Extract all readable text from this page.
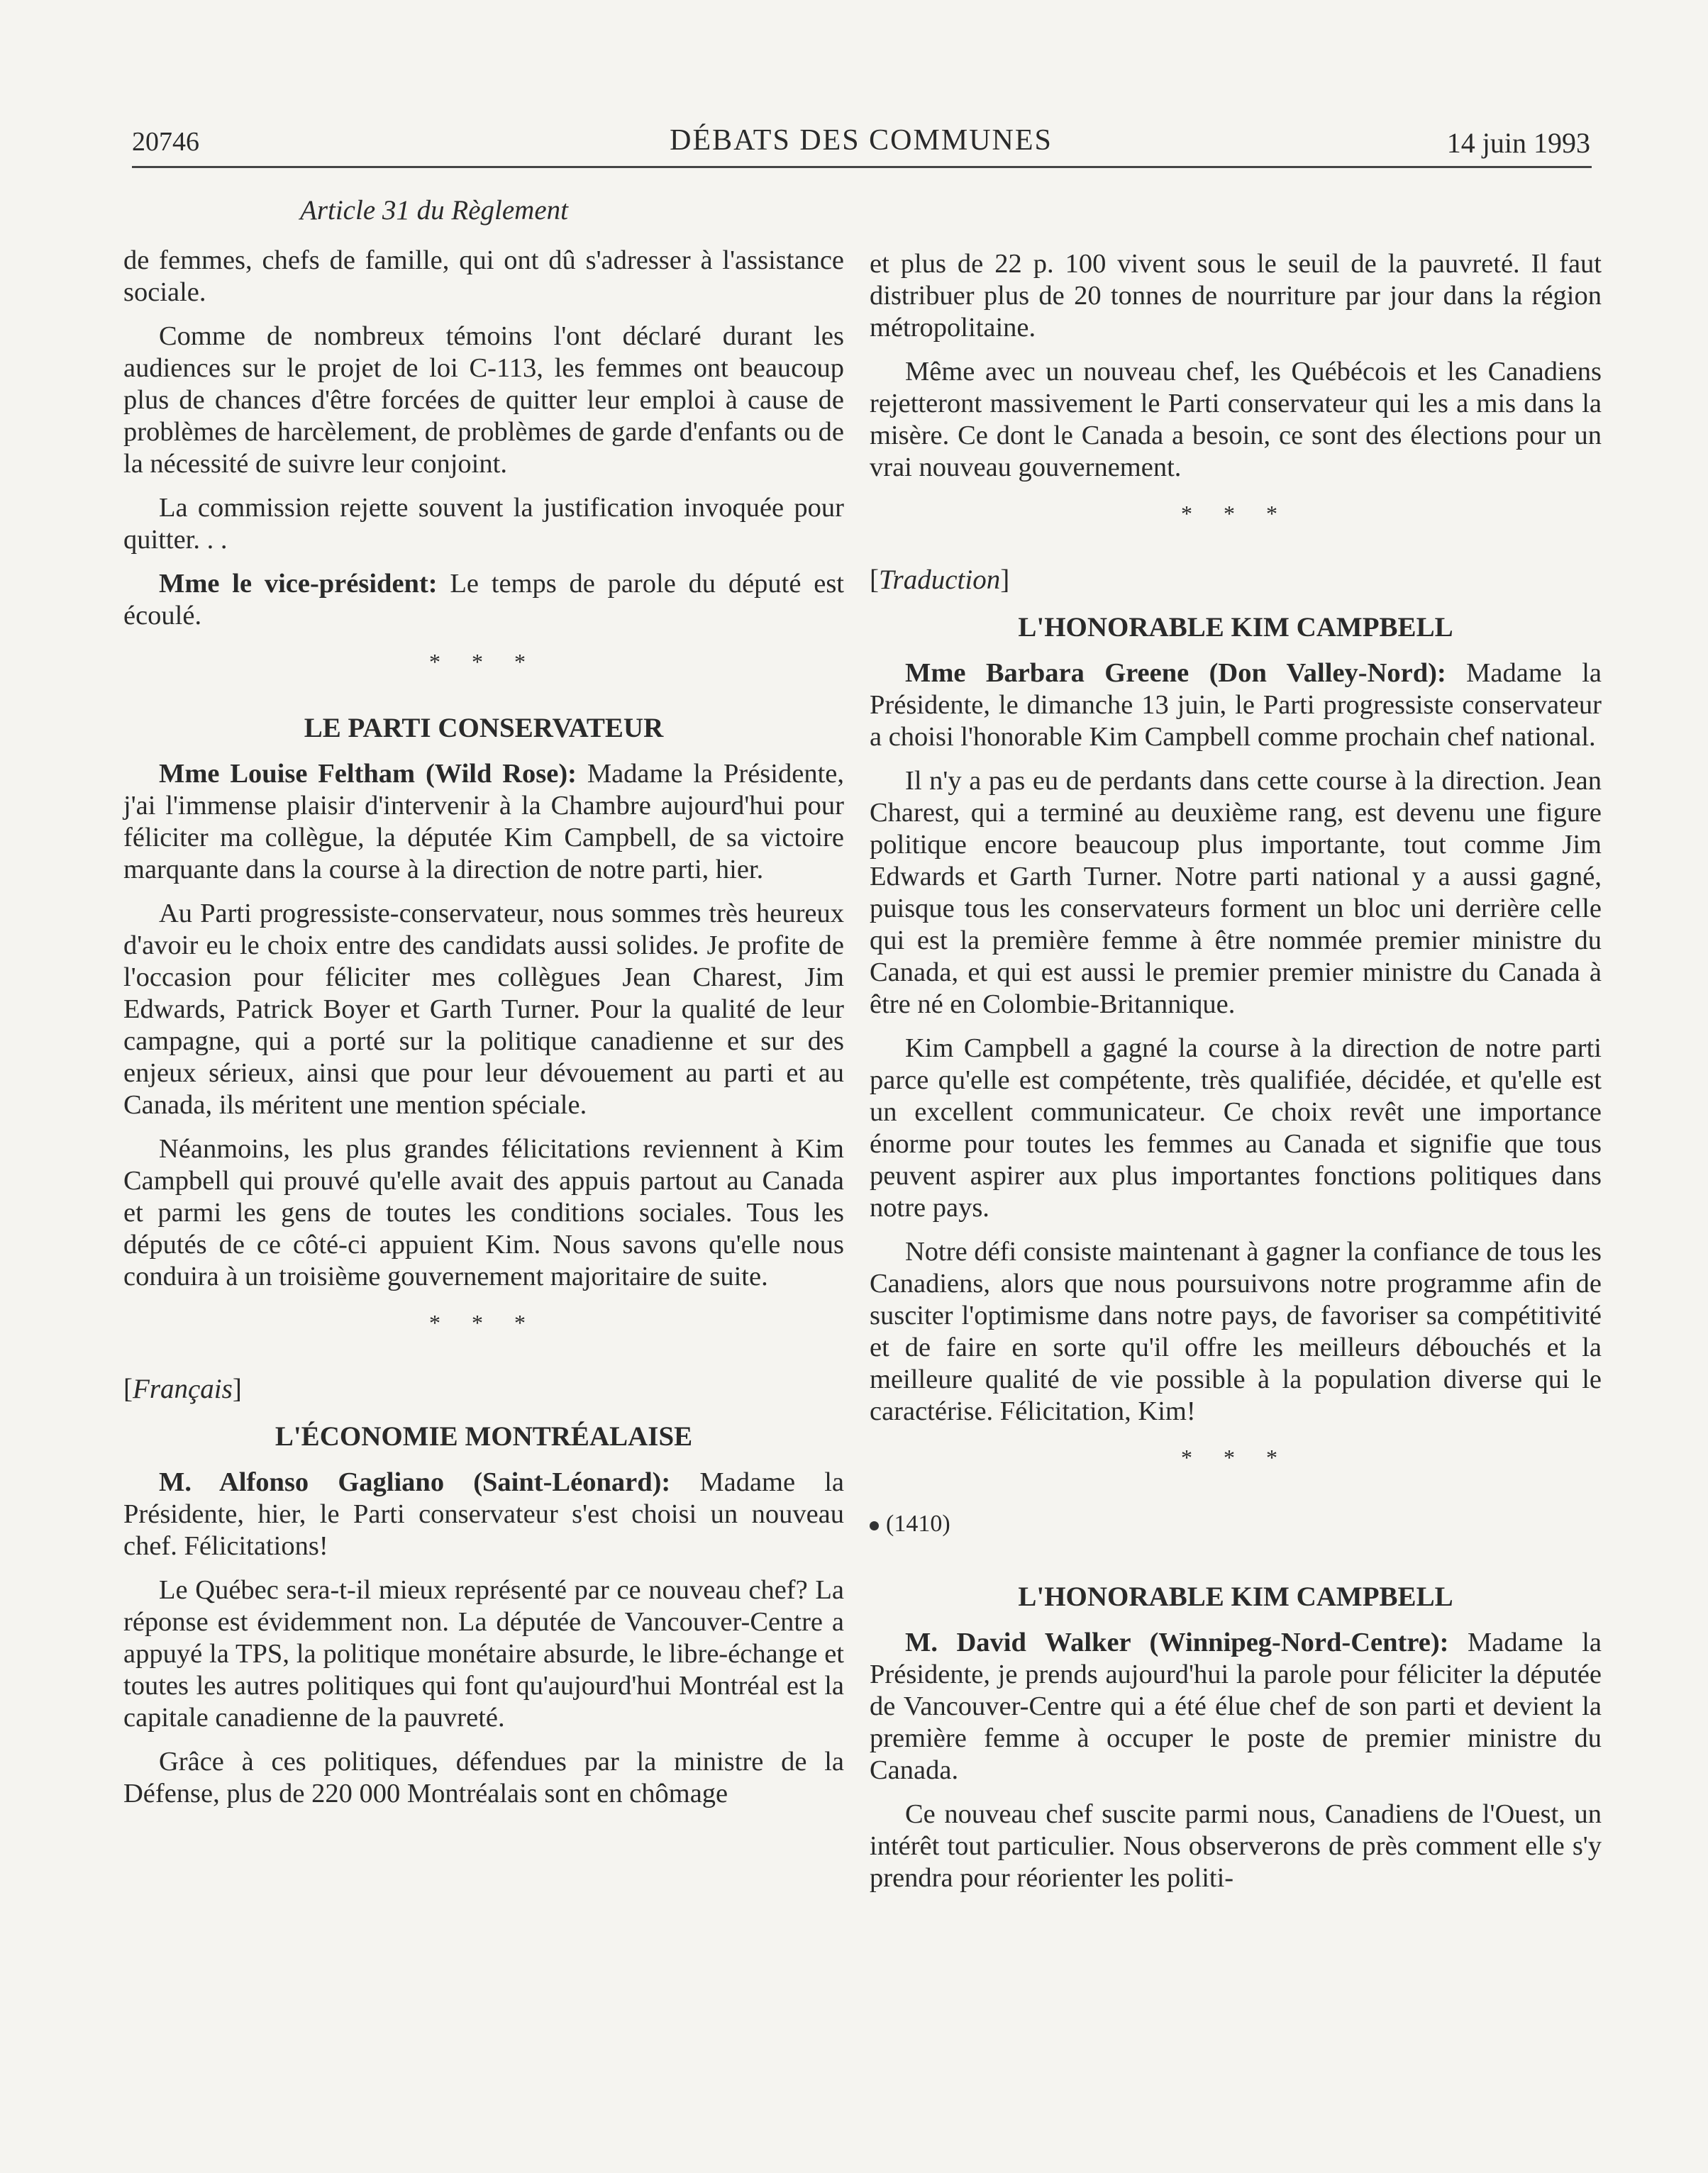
20746	DÉBATS DES COMMUNES	14 juin 1993
Article 31 du Règlement

de femmes, chefs de famille, qui ont dû s'adresser à l'assistance sociale.

Comme de nombreux témoins l'ont déclaré durant les audiences sur le projet de loi C-113, les femmes ont beaucoup plus de chances d'être forcées de quitter leur emploi à cause de problèmes de harcèlement, de problèmes de garde d'enfants ou de la nécessité de suivre leur conjoint.

La commission rejette souvent la justification invoquée pour quitter. . .

Mme le vice-président: Le temps de parole du député est écoulé.

* * *
LE PARTI CONSERVATEUR

Mme Louise Feltham (Wild Rose): Madame la Présidente, j'ai l'immense plaisir d'intervenir à la Chambre aujourd'hui pour féliciter ma collègue, la députée Kim Campbell, de sa victoire marquante dans la course à la direction de notre parti, hier.

Au Parti progressiste-conservateur, nous sommes très heureux d'avoir eu le choix entre des candidats aussi solides. Je profite de l'occasion pour féliciter mes collègues Jean Charest, Jim Edwards, Patrick Boyer et Garth Turner. Pour la qualité de leur campagne, qui a porté sur la politique canadienne et sur des enjeux sérieux, ainsi que pour leur dévouement au parti et au Canada, ils méritent une mention spéciale.

Néanmoins, les plus grandes félicitations reviennent à Kim Campbell qui prouvé qu'elle avait des appuis partout au Canada et parmi les gens de toutes les conditions sociales. Tous les députés de ce côté-ci appuient Kim. Nous savons qu'elle nous conduira à un troisième gouvernement majoritaire de suite.

* * *
[Français]
L'ÉCONOMIE MONTRÉALAISE

M. Alfonso Gagliano (Saint-Léonard): Madame la Présidente, hier, le Parti conservateur s'est choisi un nouveau chef. Félicitations!

Le Québec sera-t-il mieux représenté par ce nouveau chef? La réponse est évidemment non. La députée de Vancouver-Centre a appuyé la TPS, la politique monétaire absurde, le libre-échange et toutes les autres politiques qui font qu'aujourd'hui Montréal est la capitale canadienne de la pauvreté.

Grâce à ces politiques, défendues par la ministre de la Défense, plus de 220 000 Montréalais sont en chômage

et plus de 22 p. 100 vivent sous le seuil de la pauvreté. Il faut distribuer plus de 20 tonnes de nourriture par jour dans la région métropolitaine.

Même avec un nouveau chef, les Québécois et les Canadiens rejetteront massivement le Parti conservateur qui les a mis dans la misère. Ce dont le Canada a besoin, ce sont des élections pour un vrai nouveau gouvernement.

* * *
[Traduction]
L'HONORABLE KIM CAMPBELL

Mme Barbara Greene (Don Valley-Nord): Madame la Présidente, le dimanche 13 juin, le Parti progressiste conservateur a choisi l'honorable Kim Campbell comme prochain chef national.

Il n'y a pas eu de perdants dans cette course à la direction. Jean Charest, qui a terminé au deuxième rang, est devenu une figure politique encore beaucoup plus importante, tout comme Jim Edwards et Garth Turner. Notre parti national y a aussi gagné, puisque tous les conservateurs forment un bloc uni derrière celle qui est la première femme à être nommée premier ministre du Canada, et qui est aussi le premier premier ministre du Canada à être né en Colombie-Britannique.

Kim Campbell a gagné la course à la direction de notre parti parce qu'elle est compétente, très qualifiée, décidée, et qu'elle est un excellent communicateur. Ce choix revêt une importance énorme pour toutes les femmes au Canada et signifie que tous peuvent aspirer aux plus importantes fonctions politiques dans notre pays.

Notre défi consiste maintenant à gagner la confiance de tous les Canadiens, alors que nous poursuivons notre programme afin de susciter l'optimisme dans notre pays, de favoriser sa compétitivité et de faire en sorte qu'il offre les meilleurs débouchés et la meilleure qualité de vie possible à la population diverse qui le caractérise. Félicitation, Kim!

* * *
(1410)
L'HONORABLE KIM CAMPBELL

M. David Walker (Winnipeg-Nord-Centre): Madame la Présidente, je prends aujourd'hui la parole pour féliciter la députée de Vancouver-Centre qui a été élue chef de son parti et devient la première femme à occuper le poste de premier ministre du Canada.

Ce nouveau chef suscite parmi nous, Canadiens de l'Ouest, un intérêt tout particulier. Nous observerons de près comment elle s'y prendra pour réorienter les politi-
